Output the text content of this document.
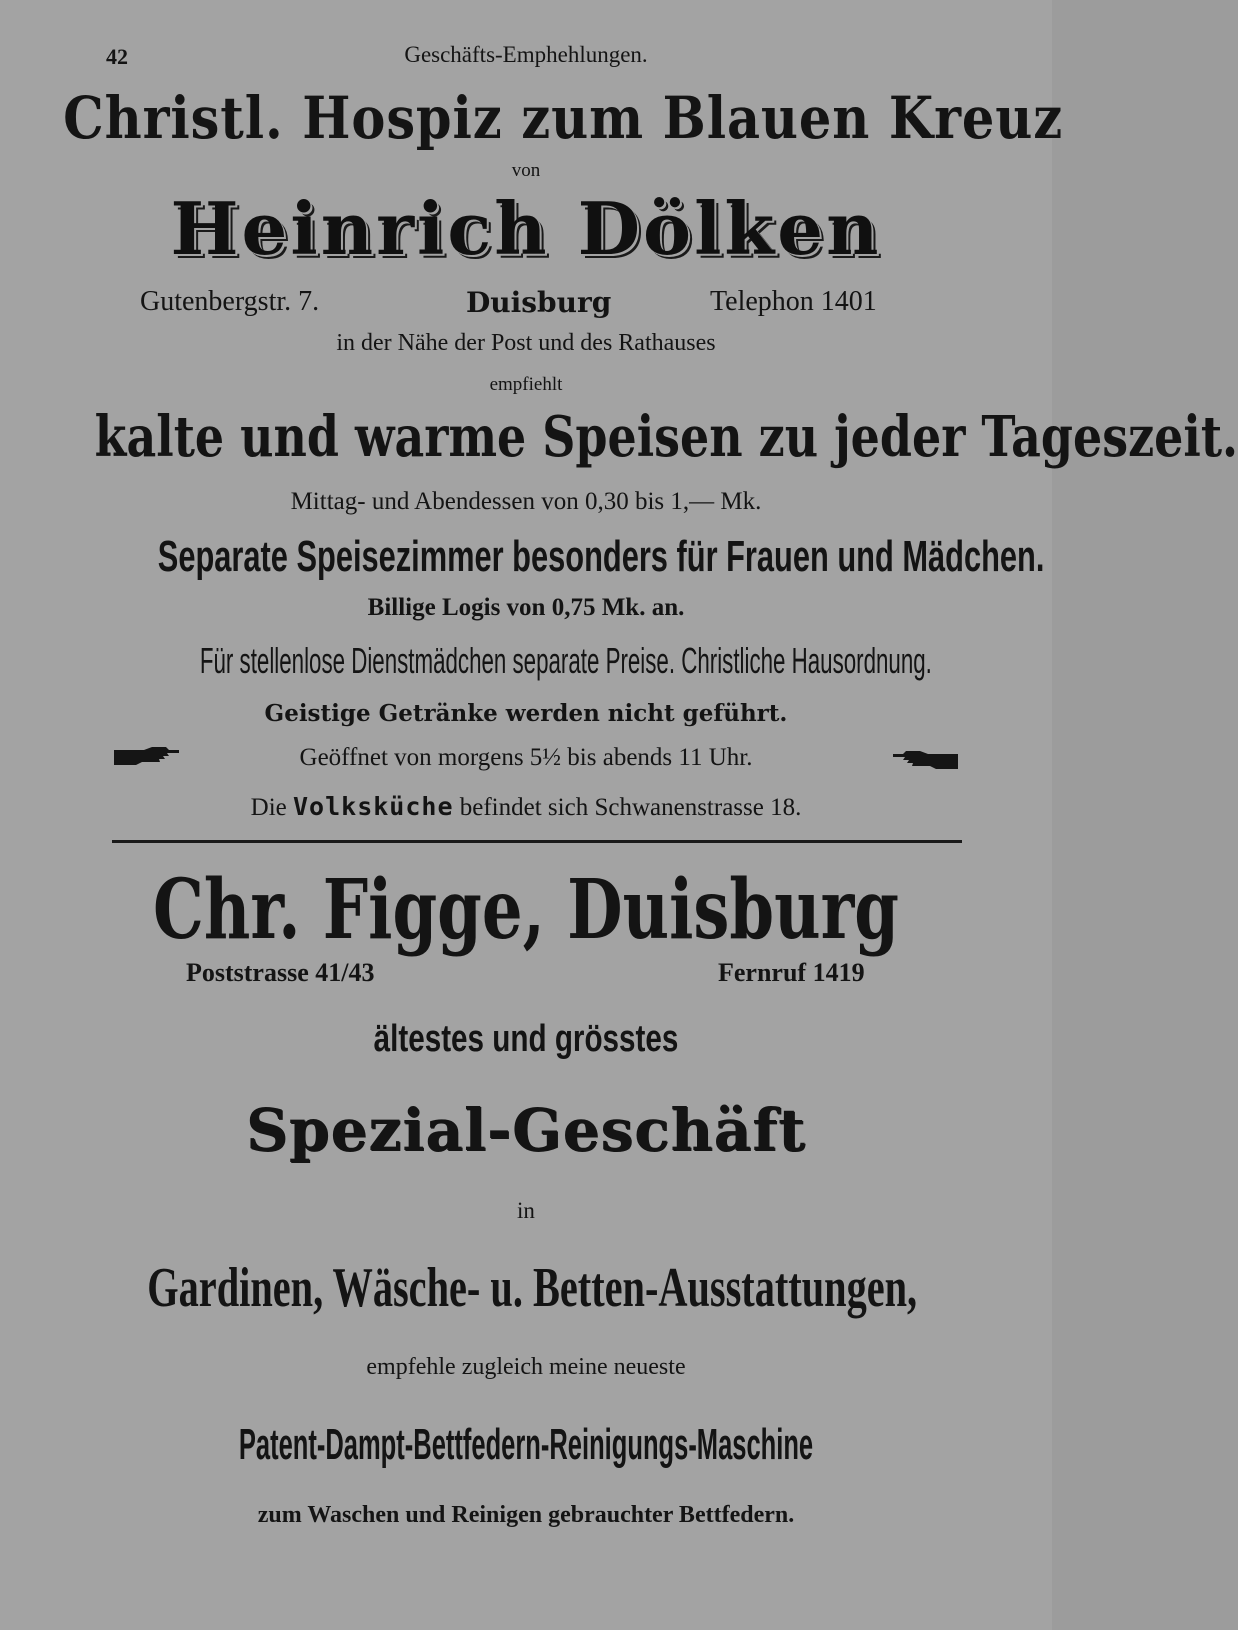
42	Geschäfts-Emphehlungen.
Christl. Hospiz zum Blauen Kreuz
von
Heinrich Dölken
Gutenbergstr. 7.	Duisburg	Telephon 1401
in der Nähe der Post und des Rathauses
empfiehlt
kalte und warme Speisen zu jeder Tageszeit.
Mittag- und Abendessen von 0,30 bis 1,— Mk.
Separate Speisezimmer besonders für Frauen und Mädchen.
Billige Logis von 0,75 Mk. an.
Für stellenlose Dienstmädchen separate Preise. Christliche Hausordnung.
Geistige Getränke werden nicht geführt.
Geöffnet von morgens 5½ bis abends 11 Uhr.
Die Volksküche befindet sich Schwanenstrasse 18.
Chr. Figge, Duisburg
Poststrasse 41/43	Fernruf 1419
ältestes und grösstes
Spezial-Geschäft
in
Gardinen, Wäsche- u. Betten-Ausstattungen,
empfehle zugleich meine neueste
Patent-Dampt-Bettfedern-Reinigungs-Maschine
zum Waschen und Reinigen gebrauchter Bettfedern.
